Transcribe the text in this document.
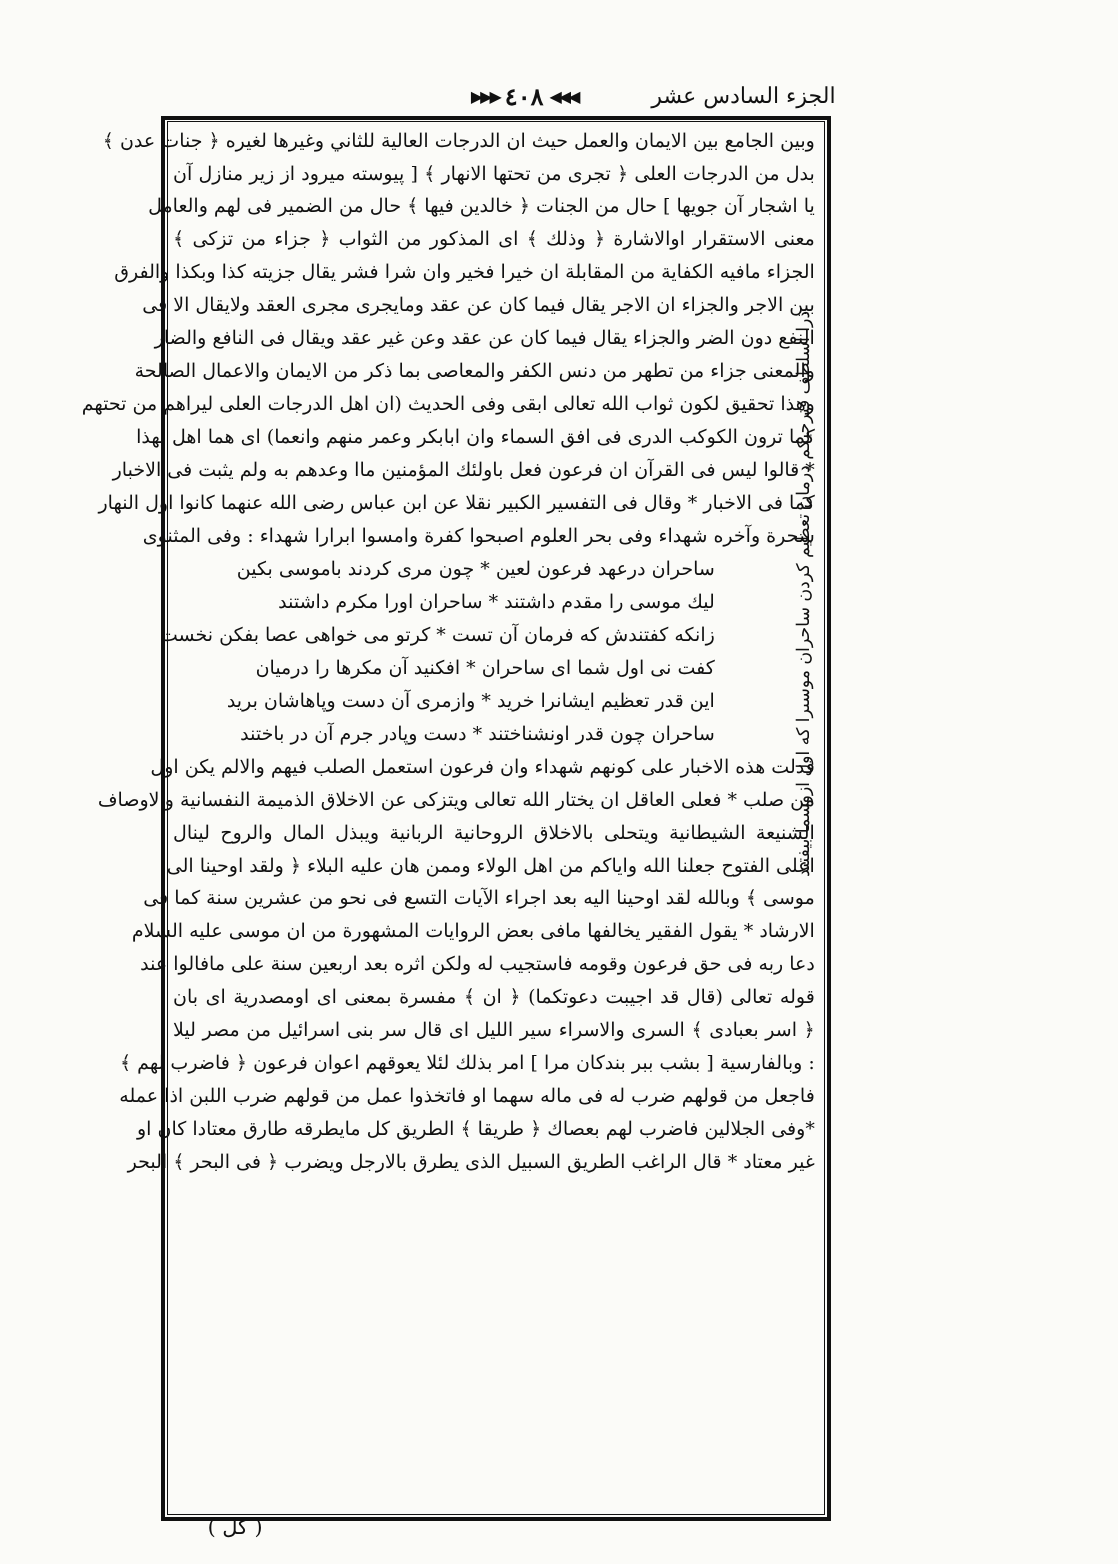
◀◀◀
٤٠٨
▶▶▶	الجزء السادس عشر
ذرا اسلطف فترحيكم درمان تعظيم كردن ساحران موسىرا كه اول ازوسما بيفتند

وبين الجامع بين الايمان والعمل حيث ان الدرجات العالية للثاني وغيرها لغيره ﴿ جنات عدن ﴾

بدل من الدرجات العلى ﴿ تجرى من تحتها الانهار ﴾ [ پيوسته ميرود از زير منازل آن

يا اشجار آن جويها ] حال من الجنات ﴿ خالدين فيها ﴾ حال من الضمير فى لهم والعامل

معنى الاستقرار اوالاشارة ﴿ وذلك ﴾ اى المذكور من الثواب ﴿ جزاء من تزكى ﴾

الجزاء مافيه الكفاية من المقابلة ان خيرا فخير وان شرا فشر يقال جزيته كذا وبكذا والفرق

بين الاجر والجزاء ان الاجر يقال فيما كان عن عقد ومايجرى مجرى العقد ولايقال الا فى

النفع دون الضر والجزاء يقال فيما كان عن عقد وعن غير عقد ويقال فى النافع والضار

والمعنى جزاء من تطهر من دنس الكفر والمعاصى بما ذكر من الايمان والاعمال الصالحة

وهذا تحقيق لكون ثواب الله تعالى ابقى وفى الحديث (ان اهل الدرجات العلى ليراهم من تحتهم

كما ترون الكوكب الدرى فى افق السماء وان ابابكر وعمر منهم وانعما) اى هما اهل لهذا

* قالوا ليس فى القرآن ان فرعون فعل باولئك المؤمنين ماا وعدهم به ولم يثبت فى الاخبار

كما فى الاخبار * وقال فى التفسير الكبير نقلا عن ابن عباس رضى الله عنهما كانوا اول النهار

سحرة وآخره شهداء وفى بحر العلوم اصبحوا كفرة وامسوا ابرارا شهداء : وفى المثنوى

ساحران درعهد فرعون لعين * چون مرى كردند باموسى بكين

ليك موسى را مقدم داشتند * ساحران اورا مكرم داشتند

زانكه كفتندش كه فرمان آن تست * كرتو مى خواهى عصا بفكن نخست

كفت نى اول شما اى ساحران * افكنيد آن مكرها را درميان

اين قدر تعظيم ايشانرا خريد * وازمرى آن دست وپاهاشان بريد

ساحران چون قدر اونشناختند * دست وپادر جرم آن در باختند

فدلت هذه الاخبار على كونهم شهداء وان فرعون استعمل الصلب فيهم والالم يكن اول

من صلب * فعلى العاقل ان يختار الله تعالى ويتزكى عن الاخلاق الذميمة النفسانية والاوصاف

الشنيعة الشيطانية ويتحلى بالاخلاق الروحانية الربانية ويبذل المال والروح لينال

اعلى الفتوح جعلنا الله واياكم من اهل الولاء وممن هان عليه البلاء ﴿ ولقد اوحينا الى

موسى ﴾ وبالله لقد اوحينا اليه بعد اجراء الآيات التسع فى نحو من عشرين سنة كما فى

الارشاد * يقول الفقير يخالفها مافى بعض الروايات المشهورة من ان موسى عليه السلام

دعا ربه فى حق فرعون وقومه فاستجيب له ولكن اثره بعد اربعين سنة على مافالوا عند

قوله تعالى (قال قد اجيبت دعوتكما) ﴿ ان ﴾ مفسرة بمعنى اى اومصدرية اى بان

﴿ اسر بعبادى ﴾ السرى والاسراء سير الليل اى قال سر بنى اسرائيل من مصر ليلا

: وبالفارسية [ بشب ببر بندكان مرا ] امر بذلك لئلا يعوقهم اعوان فرعون ﴿ فاضرب لهم ﴾

فاجعل من قولهم ضرب له فى ماله سهما او فاتخذوا عمل من قولهم ضرب اللبن اذا عمله

*وفى الجلالين فاضرب لهم بعصاك ﴿ طريقا ﴾ الطريق كل مايطرقه طارق معتادا كان او

غير معتاد * قال الراغب الطريق السبيل الذى يطرق بالارجل ويضرب ﴿ فى البحر ﴾ البحر

( كل )
